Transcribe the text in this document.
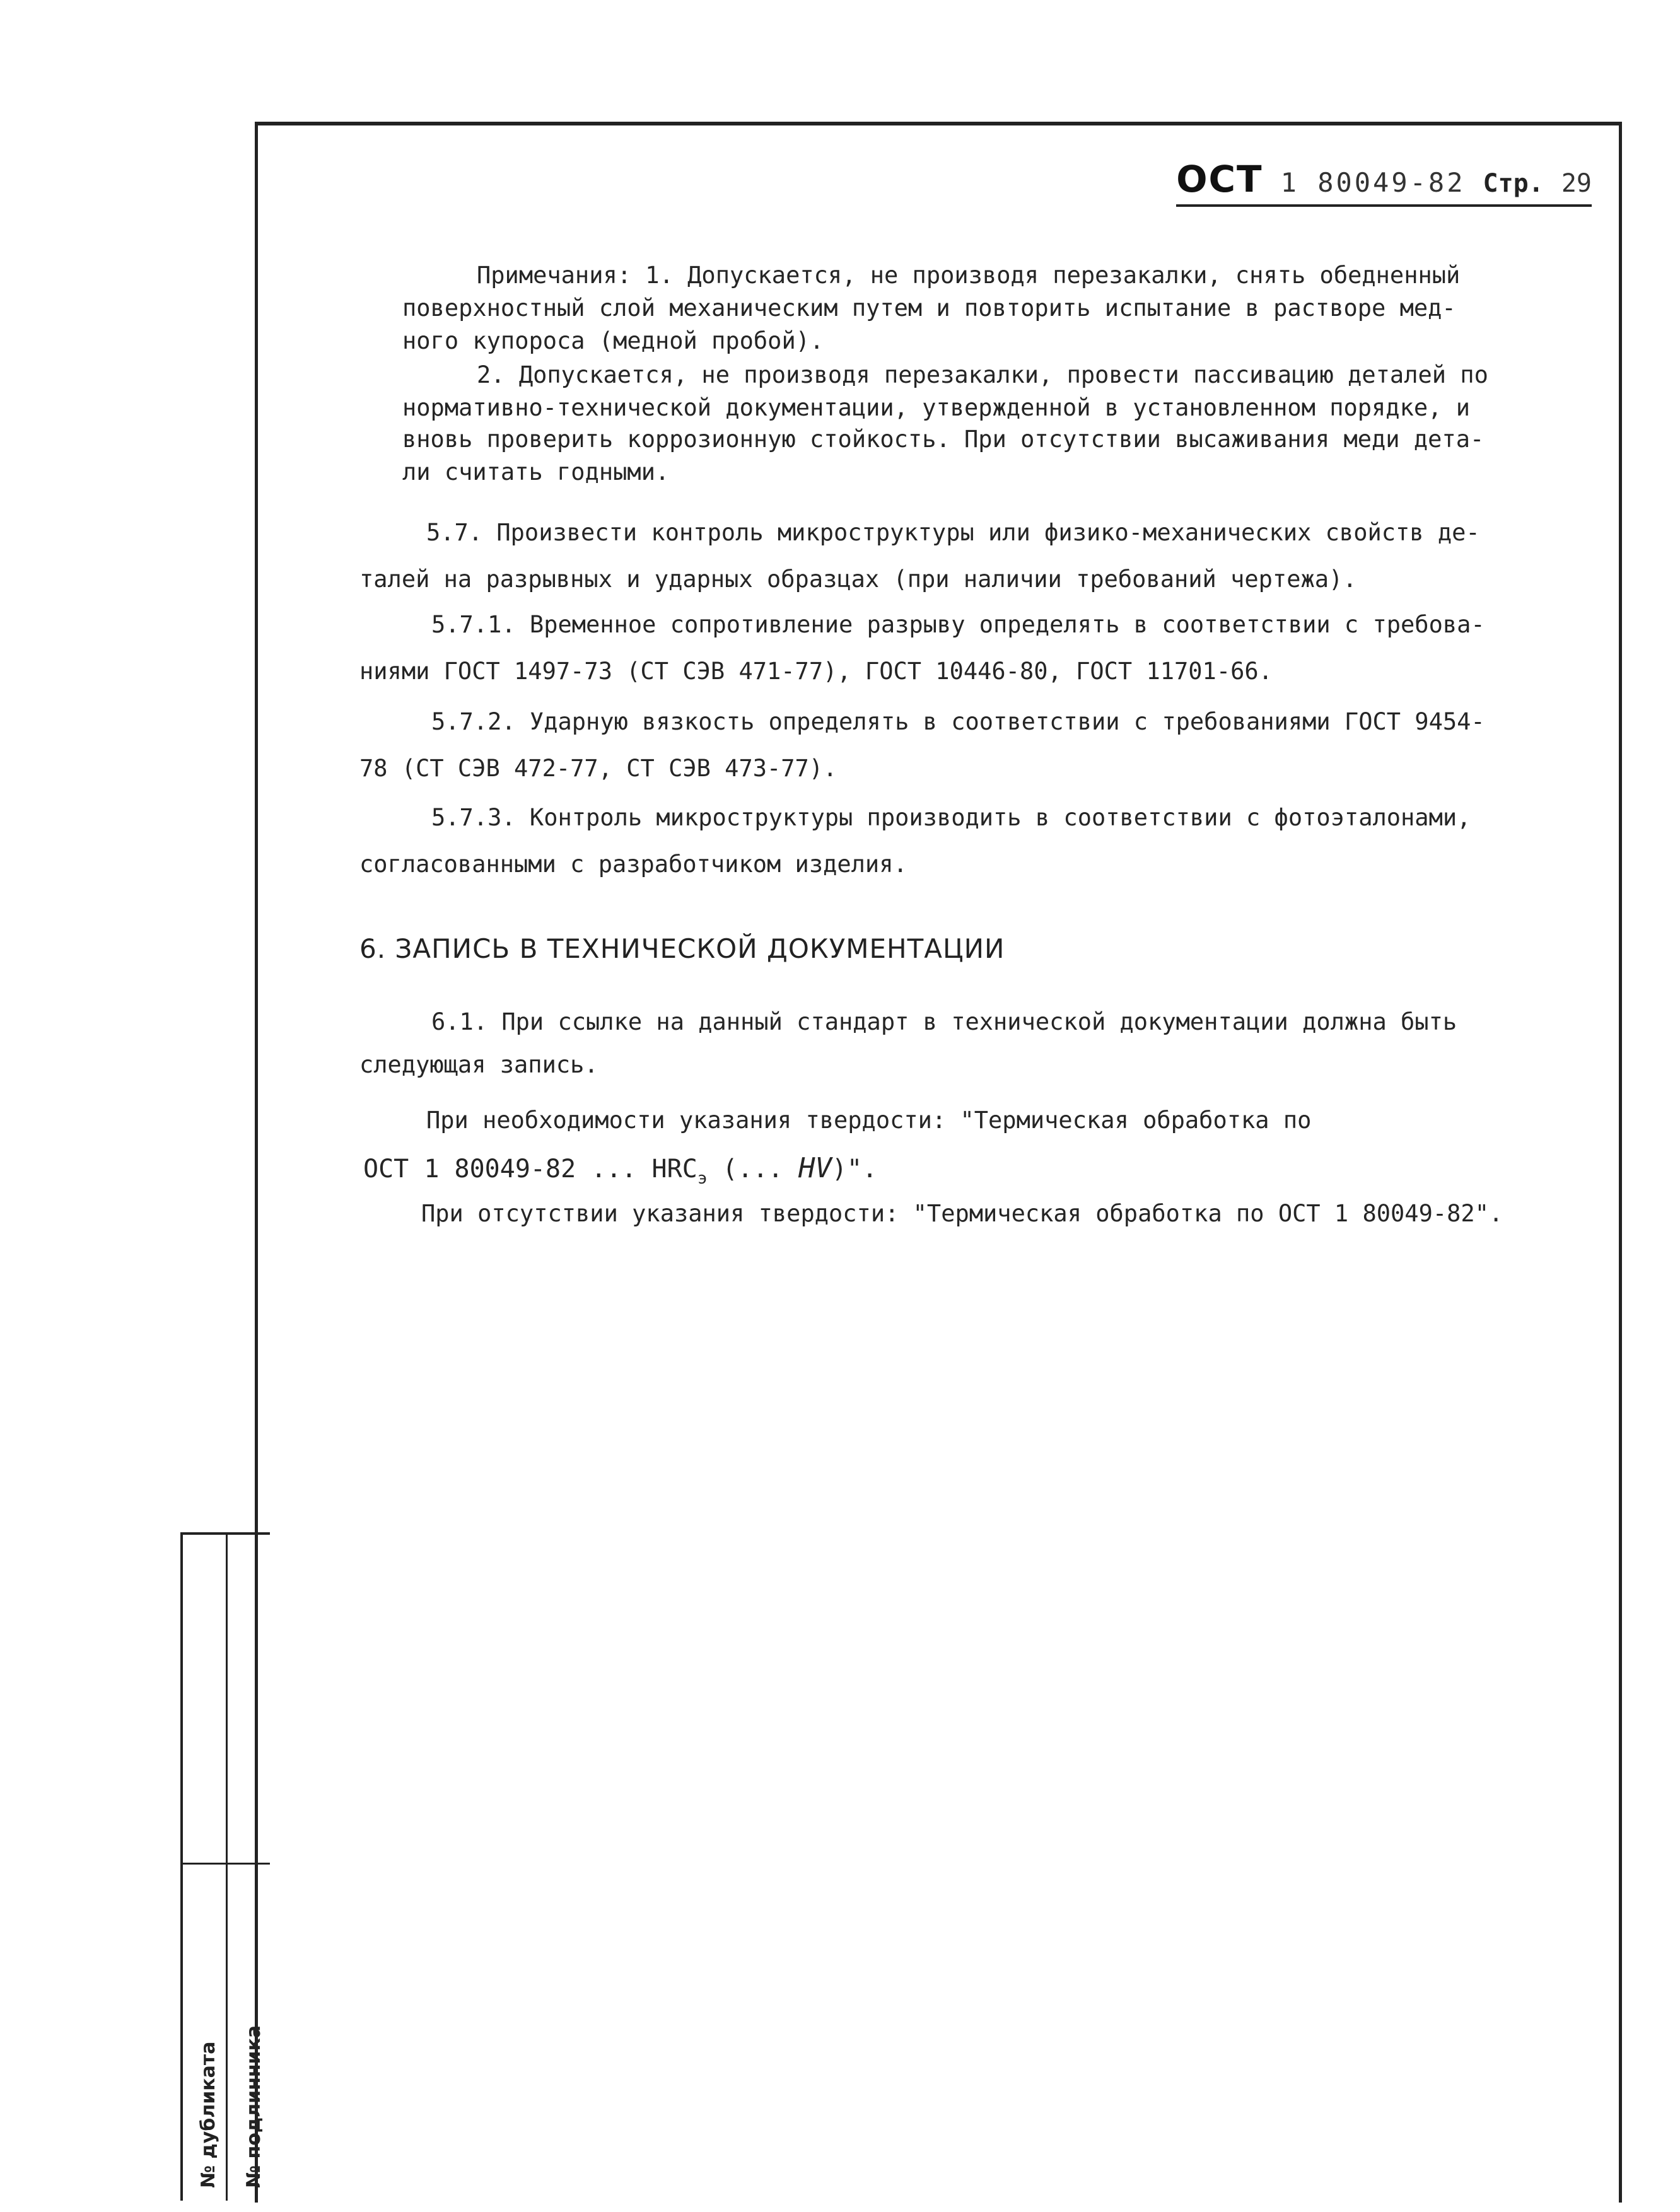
ОСТ 1 80049-82 Стр. 29
Примечания: 1. Допускается, не производя перезакалки, снять обедненный
поверхностный слой механическим путем и повторить испытание в растворе мед-
ного купороса (медной пробой).
2. Допускается, не производя перезакалки, провести пассивацию деталей по
нормативно-технической документации, утвержденной в установленном порядке, и
вновь проверить коррозионную стойкость. При отсутствии высаживания меди дета-
ли считать годными.
5.7. Произвести контроль микроструктуры или физико-механических свойств де-
талей на разрывных и ударных образцах (при наличии требований чертежа).
5.7.1. Временное сопротивление разрыву определять в соответствии с требова-
ниями ГОСТ 1497-73 (СТ СЭВ 471-77), ГОСТ 10446-80, ГОСТ 11701-66.
5.7.2. Ударную вязкость определять в соответствии с требованиями ГОСТ 9454-
78 (СТ СЭВ 472-77, СТ СЭВ 473-77).
5.7.3. Контроль микроструктуры производить в соответствии с фотоэталонами,
согласованными с разработчиком изделия.
6. ЗАПИСЬ В ТЕХНИЧЕСКОЙ ДОКУМЕНТАЦИИ
6.1. При ссылке на данный стандарт в технической документации должна быть
следующая запись.
При необходимости указания твердости: "Термическая обработка по
ОСТ 1 80049-82 ... $HRC_э$ (... HV)".
При отсутствии указания твердости: "Термическая обработка по ОСТ 1 80049-82".
№ дубликата № подлинника
